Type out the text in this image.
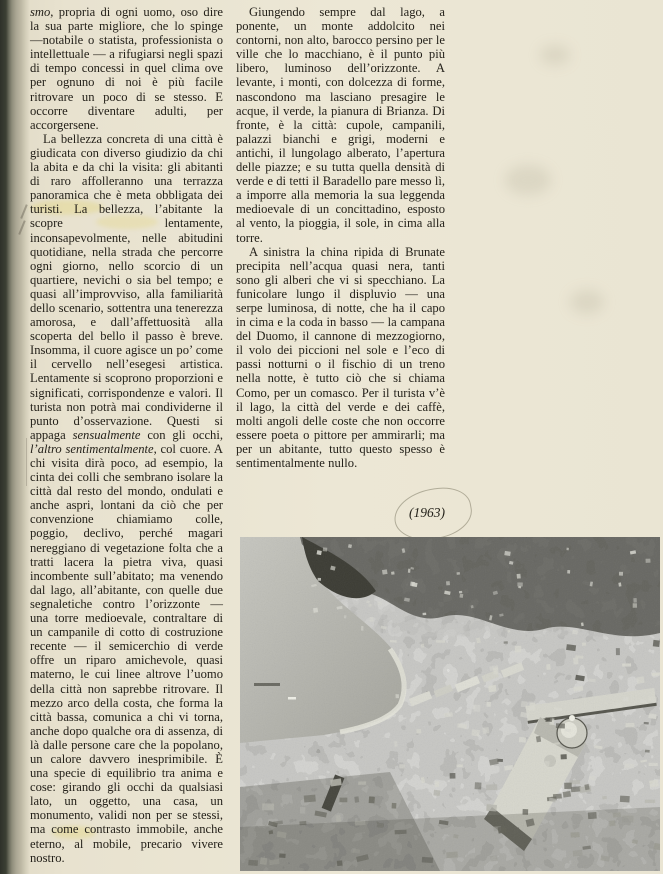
smo, propria di ogni uomo, oso dire la sua parte migliore, che lo spinge —notabile o statista, professionista o intellettuale — a rifugiarsi negli spazi di tempo concessi in quel clima ove per ognuno di noi è più facile ritrovare un poco di se stesso. E occorre diventare adulti, per accorgersene.

La bellezza concreta di una città è giudicata con diverso giudizio da chi la abita e da chi la visita: gli abitanti di raro affolleranno una terrazza panoramica che è meta obbligata dei turisti. La bellezza, l’abitante la scopre lentamente, inconsapevolmente, nelle abitudini quotidiane, nella strada che percorre ogni giorno, nello scorcio di un quartiere, nevichi o sia bel tempo; e quasi all’improvviso, alla familiarità dello scenario, sottentra una tenerezza amorosa, e dall’affettuosità alla scoperta del bello il passo è breve. Insomma, il cuore agisce un po’ come il cervello nell’esegesi artistica. Lentamente si scoprono proporzioni e significati, corrispondenze e valori. Il turista non potrà mai condividerne il punto d’osservazione. Questi si appaga sensualmente con gli occhi, l’altro sentimentalmente, col cuore. A chi visita dirà poco, ad esempio, la cinta dei colli che sembrano isolare la città dal resto del mondo, ondulati e anche aspri, lontani da ciò che per convenzione chiamiamo colle, poggio, declivo, perché magari nereggiano di vegetazione folta che a tratti lacera la pietra viva, quasi incombente sull’abitato; ma venendo dal lago, all’abitante, con quelle due segnaletiche contro l’orizzonte — una torre medioevale, contraltare di un campanile di cotto di costruzione recente — il semicerchio di verde offre un riparo amichevole, quasi materno, le cui linee altrove l’uomo della città non saprebbe ritrovare. Il mezzo arco della costa, che forma la città bassa, comunica a chi vi torna, anche dopo qualche ora di assenza, di là dalle persone care che la popolano, un calore davvero inesprimibile. È una specie di equilibrio tra anima e cose: girando gli occhi da qualsiasi lato, un oggetto, una casa, un monumento, validi non per se stessi, ma come contrasto immobile, anche eterno, al mobile, precario vivere nostro.

Giungendo sempre dal lago, a ponente, un monte addolcito nei contorni, non alto, barocco persino per le ville che lo macchiano, è il punto più libero, luminoso dell’orizzonte. A levante, i monti, con dolcezza di forme, nascondono ma lasciano presagire le acque, il verde, la pianura di Brianza. Di fronte, è la città: cupole, campanili, palazzi bianchi e grigi, moderni e antichi, il lungolago alberato, l’apertura delle piazze; e su tutta quella densità di verde e di tetti il Baradello pare messo lì, a imporre alla memoria la sua leggenda medioevale di un concittadino, esposto al vento, la pioggia, il sole, in cima alla torre.

A sinistra la china ripida di Brunate precipita nell’acqua quasi nera, tanti sono gli alberi che vi si specchiano. La funicolare lungo il displuvio — una serpe luminosa, di notte, che ha il capo in cima e la coda in basso — la campana del Duomo, il cannone di mezzogiorno, il volo dei piccioni nel sole e l’eco di passi notturni o il fischio di un treno nella notte, è tutto ciò che si chiama Como, per un comasco. Per il turista v’è il lago, la città del verde e dei caffè, molti angoli delle coste che non occorre essere poeta o pittore per ammirarli; ma per un abitante, tutto questo spesso è sentimentalmente nullo.

(1963)
